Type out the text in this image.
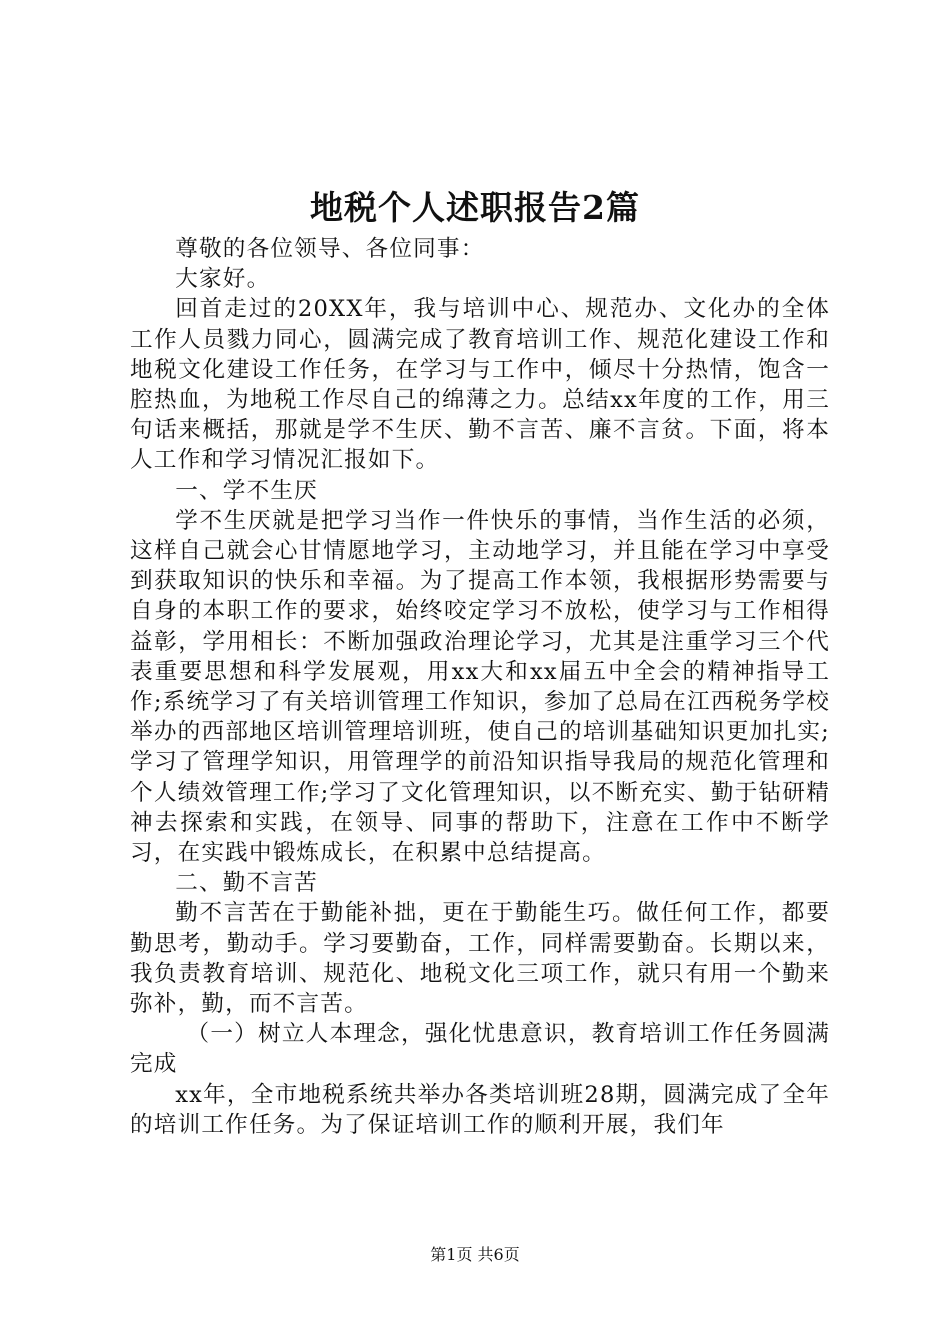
地税个人述职报告2篇

尊敬的各位领导、各位同事：

大家好。

回首走过的20XX年，我与培训中心、规范办、文化办的全体工作人员戮力同心，圆满完成了教育培训工作、规范化建设工作和地税文化建设工作任务，在学习与工作中，倾尽十分热情，饱含一腔热血，为地税工作尽自己的绵薄之力。总结xx年度的工作，用三句话来概括，那就是学不生厌、勤不言苦、廉不言贫。下面，将本人工作和学习情况汇报如下。

一、学不生厌

学不生厌就是把学习当作一件快乐的事情，当作生活的必须，这样自己就会心甘情愿地学习，主动地学习，并且能在学习中享受到获取知识的快乐和幸福。为了提高工作本领，我根据形势需要与自身的本职工作的要求，始终咬定学习不放松，使学习与工作相得益彰，学用相长：不断加强政治理论学习，尤其是注重学习三个代表重要思想和科学发展观，用xx大和xx届五中全会的精神指导工作;系统学习了有关培训管理工作知识，参加了总局在江西税务学校举办的西部地区培训管理培训班，使自己的培训基础知识更加扎实;学习了管理学知识，用管理学的前沿知识指导我局的规范化管理和个人绩效管理工作;学习了文化管理知识，以不断充实、勤于钻研精神去探索和实践，在领导、同事的帮助下，注意在工作中不断学习，在实践中锻炼成长，在积累中总结提高。

二、勤不言苦

勤不言苦在于勤能补拙，更在于勤能生巧。做任何工作，都要勤思考，勤动手。学习要勤奋，工作，同样需要勤奋。长期以来，我负责教育培训、规范化、地税文化三项工作，就只有用一个勤来弥补，勤，而不言苦。

（一）树立人本理念，强化忧患意识，教育培训工作任务圆满完成

xx年，全市地税系统共举办各类培训班28期，圆满完成了全年的培训工作任务。为了保证培训工作的顺利开展，我们年

第1页 共6页
